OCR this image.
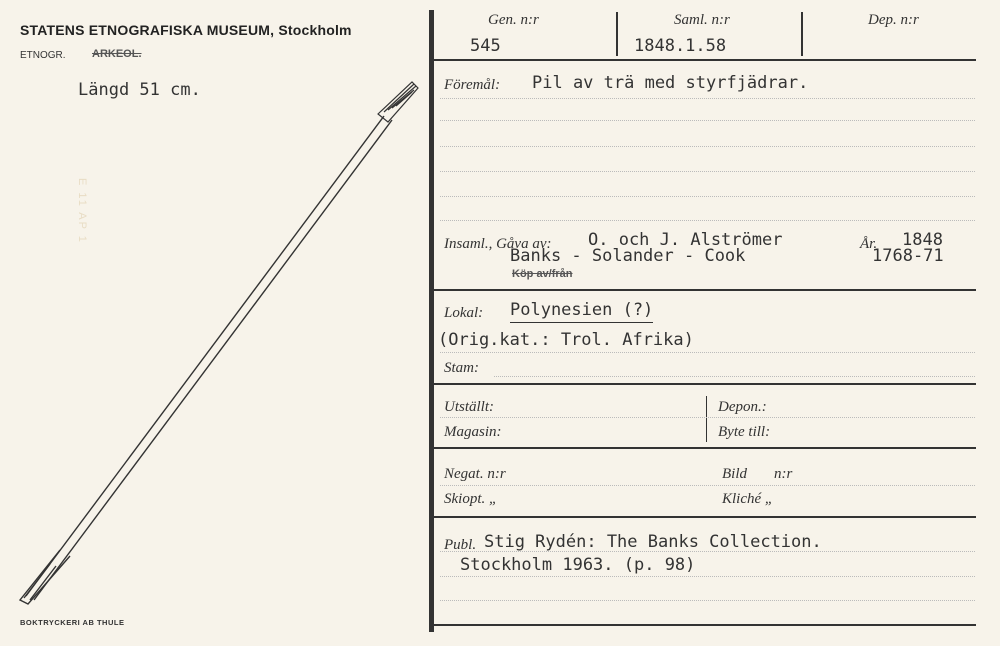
STATENS ETNOGRAFISKA MUSEUM, Stockholm
ETNOGR. ARKEOL.
Längd 51 cm.
E 11 AP 1
BOKTRYCKERI AB THULE
Gen. n:r
545
Saml. n:r
1848.1.58
Dep. n:r
Föremål: Pil av trä med styrfjädrar.
Insaml., Gåva av: O. och J. Alströmer
Banks - Solander - Cook
Köp av/från
År. 1848
1768-71
Lokal: Polynesien (?)
(Orig.kat.: Trol. Afrika)
Stam:
Utställt:	Depon.:
Magasin:	Byte till:
Negat. n:r	Bild n:r
Skiopt. „	Kliché „
Publ. Stig Rydén: The Banks Collection.
Stockholm 1963. (p. 98)
